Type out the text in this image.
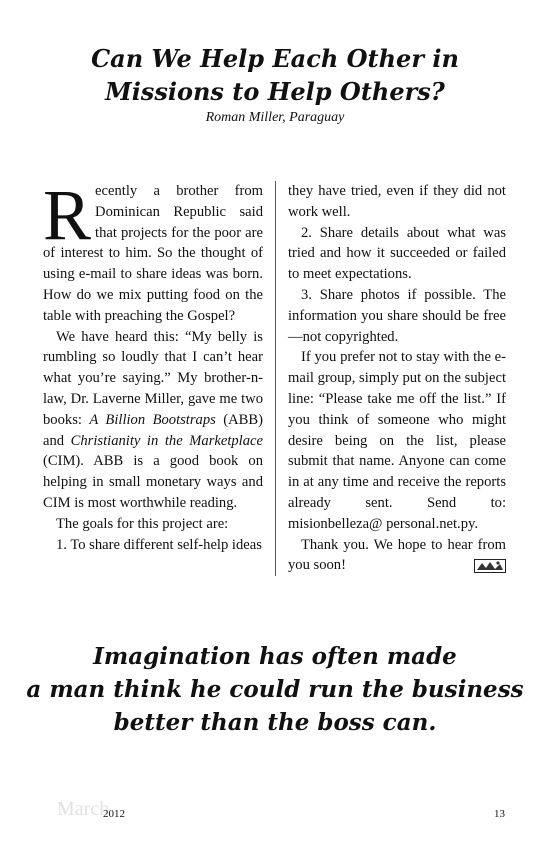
Can We Help Each Other in
Missions to Help Others?
Roman Miller, Paraguay

Recently a brother from Dominican Republic said that projects for the poor are of interest to him. So the thought of using e-mail to share ideas was born. How do we mix putting food on the table with preaching the Gospel?

We have heard this: “My belly is rumbling so loudly that I can’t hear what you’re saying.” My brother-n-law, Dr. Laverne Miller, gave me two books: A Billion Bootstraps (ABB) and Christianity in the Marketplace (CIM). ABB is a good book on helping in small monetary ways and CIM is most worthwhile reading.

The goals for this project are:

1. To share different self-help ideas

they have tried, even if they did not work well.

2. Share details about what was tried and how it succeeded or failed to meet expectations.

3. Share photos if possible. The information you share should be free—not copyrighted.

If you prefer not to stay with the e-mail group, simply put on the subject line: “Please take me off the list.” If you think of someone who might desire being on the list, please submit that name. Anyone can come in at any time and receive the reports already sent. Send to: misionbelleza@ personal.net.py.

Thank you. We hope to hear from you soon!

Imagination has often made
a man think he could run the business
better than the boss can.

March
2012	13
